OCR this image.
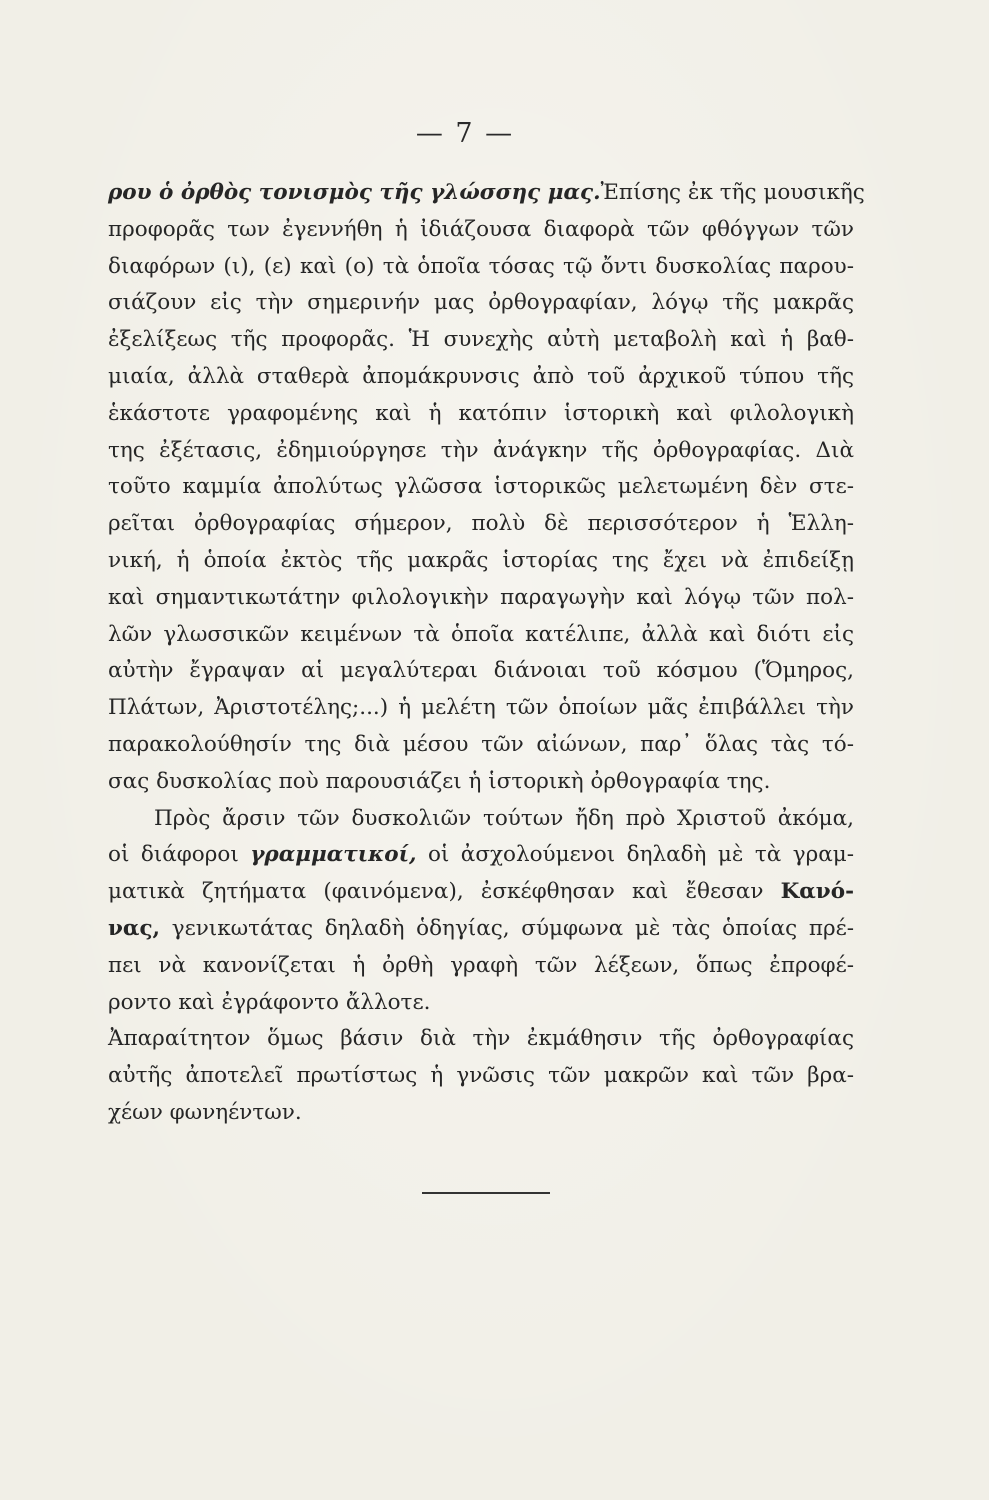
— 7 —
ρου ὁ ὀρθὸς τονισμὸς τῆς γλώσσης μας.Ἐπίσης ἐκ τῆς μουσικῆς
προφορᾶς των ἐγεννήθη ἡ ἰδιάζουσα διαφορὰ τῶν φθόγγων τῶν
διαφόρων (ι), (ε) καὶ (ο) τὰ ὁποῖα τόσας τῷ ὄντι δυσκολίας παρου-
σιάζουν εἰς τὴν σημερινήν μας ὀρθογραφίαν, λόγῳ τῆς μακρᾶς
ἐξελίξεως τῆς προφορᾶς. Ἡ συνεχὴς αὐτὴ μεταβολὴ καὶ ἡ βαθ-
μιαία, ἀλλὰ σταθερὰ ἀπομάκρυνσις ἀπὸ τοῦ ἀρχικοῦ τύπου τῆς
ἑκάστοτε γραφομένης καὶ ἡ κατόπιν ἱστορικὴ καὶ φιλολογικὴ
της ἐξέτασις, ἐδημιούργησε τὴν ἀνάγκην τῆς ὀρθογραφίας. Διὰ
τοῦτο καμμία ἀπολύτως γλῶσσα ἱστορικῶς μελετωμένη δὲν στε-
ρεῖται ὀρθογραφίας σήμερον, πολὺ δὲ περισσότερον ἡ Ἑλλη-
νική, ἡ ὁποία ἐκτὸς τῆς μακρᾶς ἱστορίας της ἔχει νὰ ἐπιδείξῃ
καὶ σημαντικωτάτην φιλολογικὴν παραγωγὴν καὶ λόγῳ τῶν πολ-
λῶν γλωσσικῶν κειμένων τὰ ὁποῖα κατέλιπε, ἀλλὰ καὶ διότι εἰς
αὐτὴν ἔγραψαν αἱ μεγαλύτεραι διάνοιαι τοῦ κόσμου (Ὅμηρος,
Πλάτων, Ἀριστοτέλης;...) ἡ μελέτη τῶν ὁποίων μᾶς ἐπιβάλλει τὴν
παρακολούθησίν της διὰ μέσου τῶν αἰώνων, παρ᾽ ὅλας τὰς τό-
σας δυσκολίας ποὺ παρουσιάζει ἡ ἱστορικὴ ὀρθογραφία της.
Πρὸς ἄρσιν τῶν δυσκολιῶν τούτων ἤδη πρὸ Χριστοῦ ἀκόμα,
οἱ διάφοροι γραμματικοί, οἱ ἀσχολούμενοι δηλαδὴ μὲ τὰ γραμ-
ματικὰ ζητήματα (φαινόμενα), ἐσκέφθησαν καὶ ἔθεσαν Κανό-
νας, γενικωτάτας δηλαδὴ ὁδηγίας, σύμφωνα μὲ τὰς ὁποίας πρέ-
πει νὰ κανονίζεται ἡ ὀρθὴ γραφὴ τῶν λέξεων, ὅπως ἐπροφέ-
ροντο καὶ ἐγράφοντο ἄλλοτε.
Ἀπαραίτητον ὅμως βάσιν διὰ τὴν ἐκμάθησιν τῆς ὀρθογραφίας
αὐτῆς ἀποτελεῖ πρωτίστως ἡ γνῶσις τῶν μακρῶν καὶ τῶν βρα-
χέων φωνηέντων.
